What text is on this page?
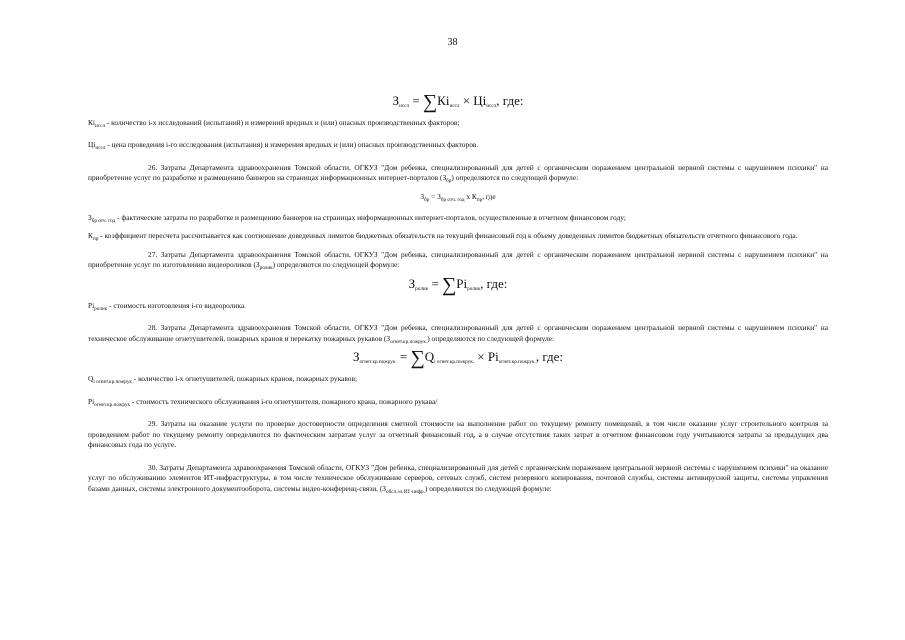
38
$З_{иссл} = \sum Кi_{иссл} \times Цi_{иссл}$, где:

$Кi_{иссл}$ - количество i-х исследований (испытаний) и измерений вредных и (или) опасных производственных факторов;

$Цi_{иссл}$ - цена проведения i-го исследования (испытания) и измерения вредных и (или) опасных производственных факторов.

26. Затраты Департамента здравоохранения Томской области, ОГКУЗ "Дом ребенка, специализированный для детей с органическим поражением центральной нервной системы с нарушением психики" на приобретение услуг по разработке и размещению баннеров на страницах информационных интернет-порталов $(З_{бр})$ определяются по следующей формуле:

$З_{бр} = З_{бр отч. год}$ х $К_{пр}$, где

$З_{бр отч. год}$ - фактические затраты по разработке и размещению баннеров на страницах информационных интернет-порталов, осуществленные в отчетном финансовом году;

$К_{пр}$ - коэффициент пересчета рассчитывается как соотношение доведенных лимитов бюджетных обязательств на текущий финансовый год к объему доведенных лимитов бюджетных обязательств отчетного финансового года.

27. Затраты Департамента здравоохранения Томской области, ОГКУЗ "Дом ребенка, специализированный для детей с органическим поражением центральной нервной системы с нарушением психики" на приобретение услуг по изготовлению видеороликов $(З_{ролик})$ определяются по следующей формуле:

$З_{ролик} = \sum Рi_{ролик}$, где:

$Рi_{ролик}$ - стоимость изготовления i-го видеоролика.

28. Затраты Департамента здравоохранения Томской области, ОГКУЗ "Дом ребенка, специализированный для детей с органическим поражением центральной нервной системы с нарушением психики" на техническое обслуживание огнетушителей, пожарных кранов и перекатку пожарных рукавов $(З_{огнет.кр.пожрук.})$ определяются по следующей формуле:

$З_{огнет.кр.пожрук.} = \sum Q_{i огнет.кр.пожрук.} \times Рi_{огнет.кр.пожрук.}$, где:

$Q_{i огнет.кр.пожрук}$ - количество i-х огнетушителей, пожарных кранов, пожарных рукавов;

$Рi_{огнет.кр.пожрук}$ - стоимость технического обслуживания i-го огнетушителя, пожарного крана, пожарного рукава/

29. Затраты на оказание услуги по проверке достоверности определения сметной стоимости на выполнение работ по текущему ремонту помещений, в том числе оказание услуг строительного контроля за проведением работ по текущему ремонту определяются по фактическим затратам услуг за отчетный финансовый год, а в случае отсутствия таких затрат в отчетном финансовом году учитываются затраты за предыдущих два финансовых года по услуге.

30. Затраты Департамента здравоохранения Томской области, ОГКУЗ "Дом ребенка, специализированный для детей с органическим поражением центральной нервной системы с нарушением психики" на оказание услуг по обслуживанию элементов ИТ-инфраструктуры, в том числе техническое обслуживание серверов, сетевых служб, систем резервного копирования, почтовой службы, системы антивирусной защиты, системы управления базами данных, системы электронного документооборота, системы видео-конференц-связи, $(З_{обсл.эл.ИТ-инфр.})$ определяются по следующей формуле:
